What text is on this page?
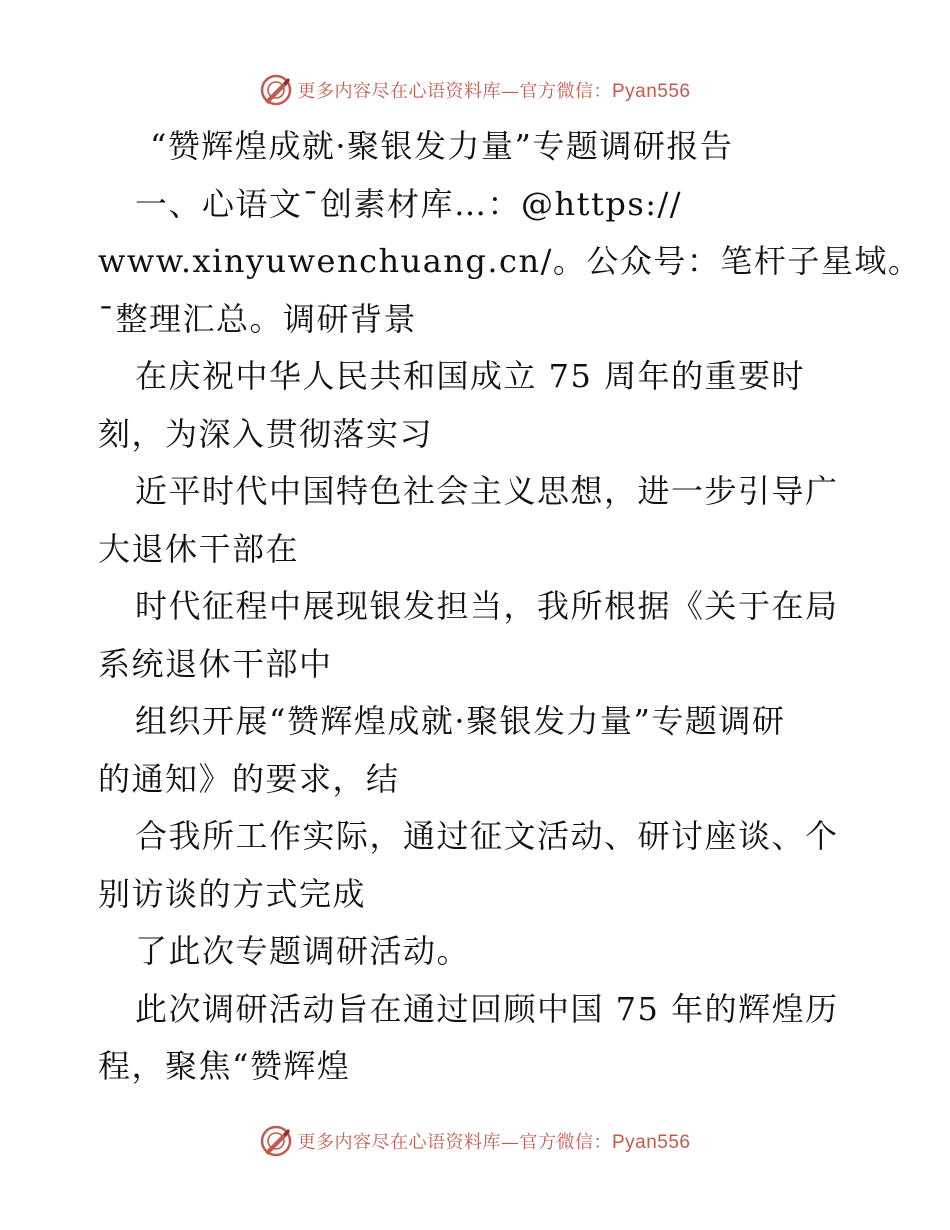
更多内容尽在心语资料库—官方微信：Pyan556
“赞辉煌成就·聚银发力量”专题调研报告
一、心语文¯创素材库…：@https://
www.xinyuwenchuang.cn/。公众号：笔杆子星域。
¯整理汇总。调研背景
在庆祝中华人民共和国成立 75 周年的重要时
刻，为深入贯彻落实习
近平时代中国特色社会主义思想，进一步引导广
大退休干部在
时代征程中展现银发担当，我所根据《关于在局
系统退休干部中
组织开展“赞辉煌成就·聚银发力量”专题调研
的通知》的要求，结
合我所工作实际，通过征文活动、研讨座谈、个
别访谈的方式完成
了此次专题调研活动。
此次调研活动旨在通过回顾中国 75 年的辉煌历
程，聚焦“赞辉煌
更多内容尽在心语资料库—官方微信：Pyan556
